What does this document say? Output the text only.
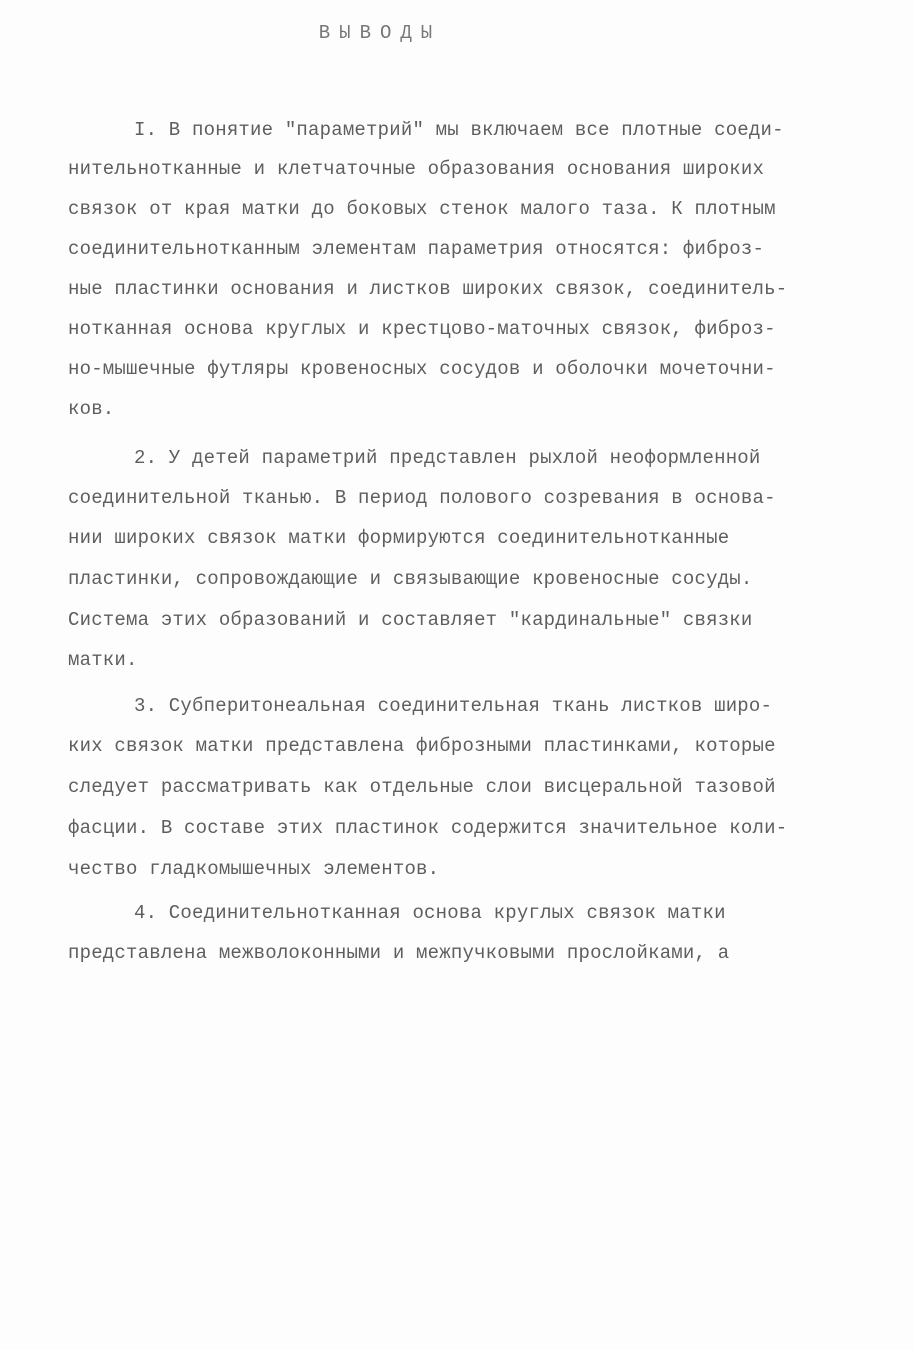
ВЫВОДЫ
I. В понятие "параметрий" мы включаем все плотные соеди-
нительнотканные и клетчаточные образования основания широких
связок от края матки до боковых стенок малого таза. К плотным
соединительнотканным элементам параметрия относятся: фиброз-
ные пластинки основания и листков широких связок, соединитель-
нотканная основа круглых и крестцово-маточных связок, фиброз-
но-мышечные футляры кровеносных сосудов и оболочки мочеточни-
ков.
2. У детей параметрий представлен рыхлой неоформленной
соединительной тканью. В период полового созревания в основа-
нии широких связок матки формируются соединительнотканные
пластинки, сопровождающие и связывающие кровеносные сосуды.
Система этих образований и составляет "кардинальные" связки
матки.
3. Субперитонеальная соединительная ткань листков широ-
ких связок матки представлена фиброзными пластинками, которые
следует рассматривать как отдельные слои висцеральной тазовой
фасции. В составе этих пластинок содержится значительное коли-
чество гладкомышечных элементов.
4. Соединительнотканная основа круглых связок матки
представлена межволоконными и межпучковыми прослойками, а
